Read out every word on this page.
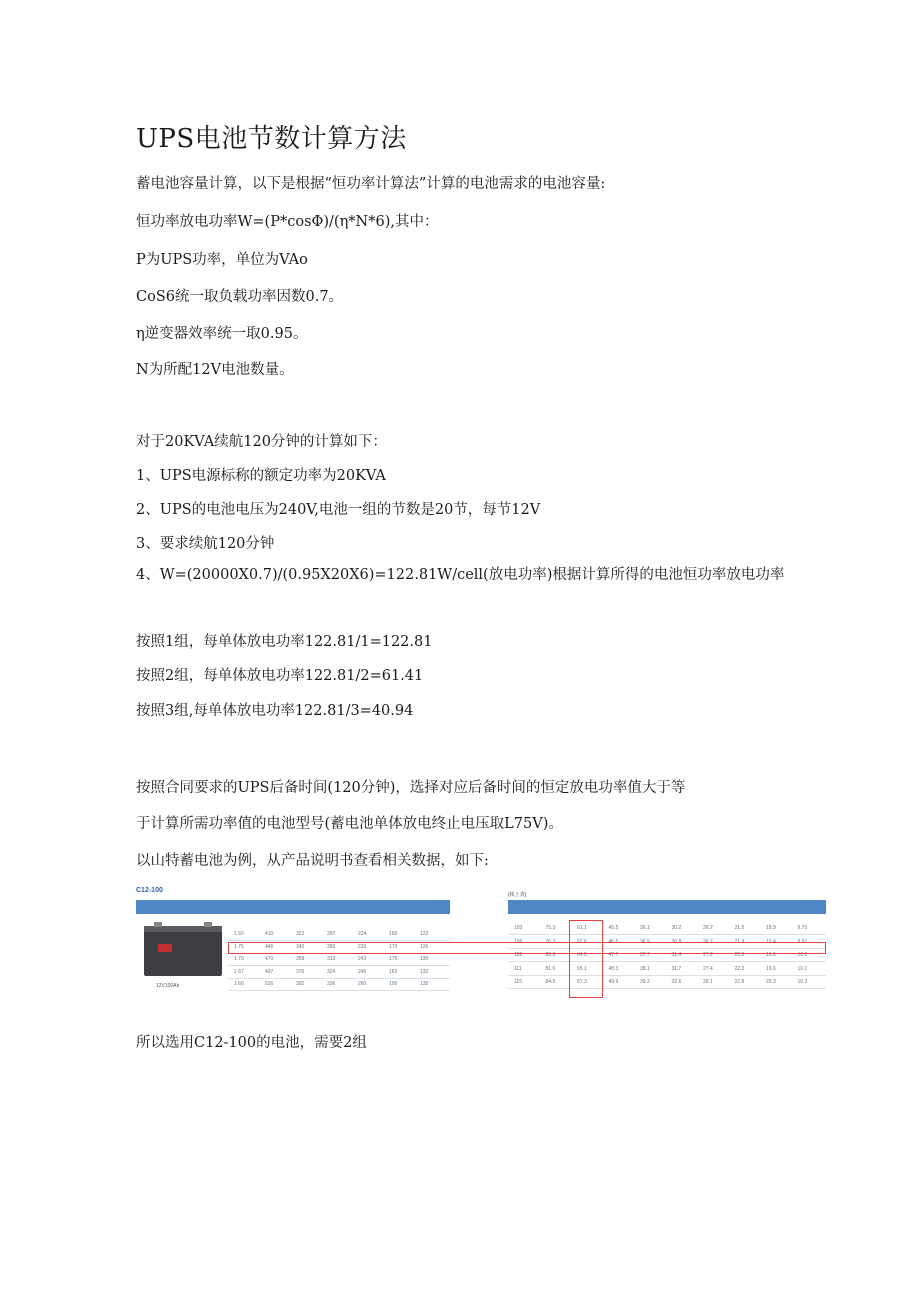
UPS电池节数计算方法
蓄电池容量计算，以下是根据“恒功率计算法”计算的电池需求的电池容量:
恒功率放电功率W=(P*cosΦ)/(η*N*6),其中：
P为UPS功率，单位为VAo
CoS6统一取负载功率因数0.7。
η逆变器效率统一取0.95。
N为所配12V电池数量。
对于20KVA续航120分钟的计算如下：
1、UPS电源标称的额定功率为20KVA
2、UPS的电池电压为240V,电池一组的节数是20节，每节12V
3、要求续航120分钟
4、W=(20000X0.7)/(0.95X20X6)=122.81W/cell(放电功率)根据计算所得的电池恒功率放电功率
按照1组，每单体放电功率122.81/1=122.81
按照2组，每单体放电功率122.81/2=61.41
按照3组,每单体放电功率122.81/3=40.94
按照合同要求的UPS后备时间(120分钟)，选择对应后备时间的恒定放电功率值大于等
于计算所需功率值的电池型号(蓄电池单体放电终止电压取L75V)。
以山特蓄电池为例，从产品说明书查看相关数据，如下:
C12-100
12V100Ah
1.60	410	322	287	224	166	122
1.75	446	342	350	233	173	126
1.70	470	359	313	243	176	130
1.67	497	376	324	246	182	132
1.60	526	392	336	260	190	135
(续上表)
103	75.3	61.1	45.5	36.1	30.2	26.2	21.5	18.9	9.75
106	76.3	62.6	46.5	36.9	30.8	26.7	21.9	19.4	9.91
109	80.8	64.2	47.7	37.7	31.4	27.2	22.0	19.6	10.0
111	81.6	65.1	48.3	38.1	31.7	27.4	22.2	19.6	10.1
115	84.5	67.3	49.9	39.2	32.6	28.1	22.8	20.3	10.3
所以选用C12-100的电池，需要2组
